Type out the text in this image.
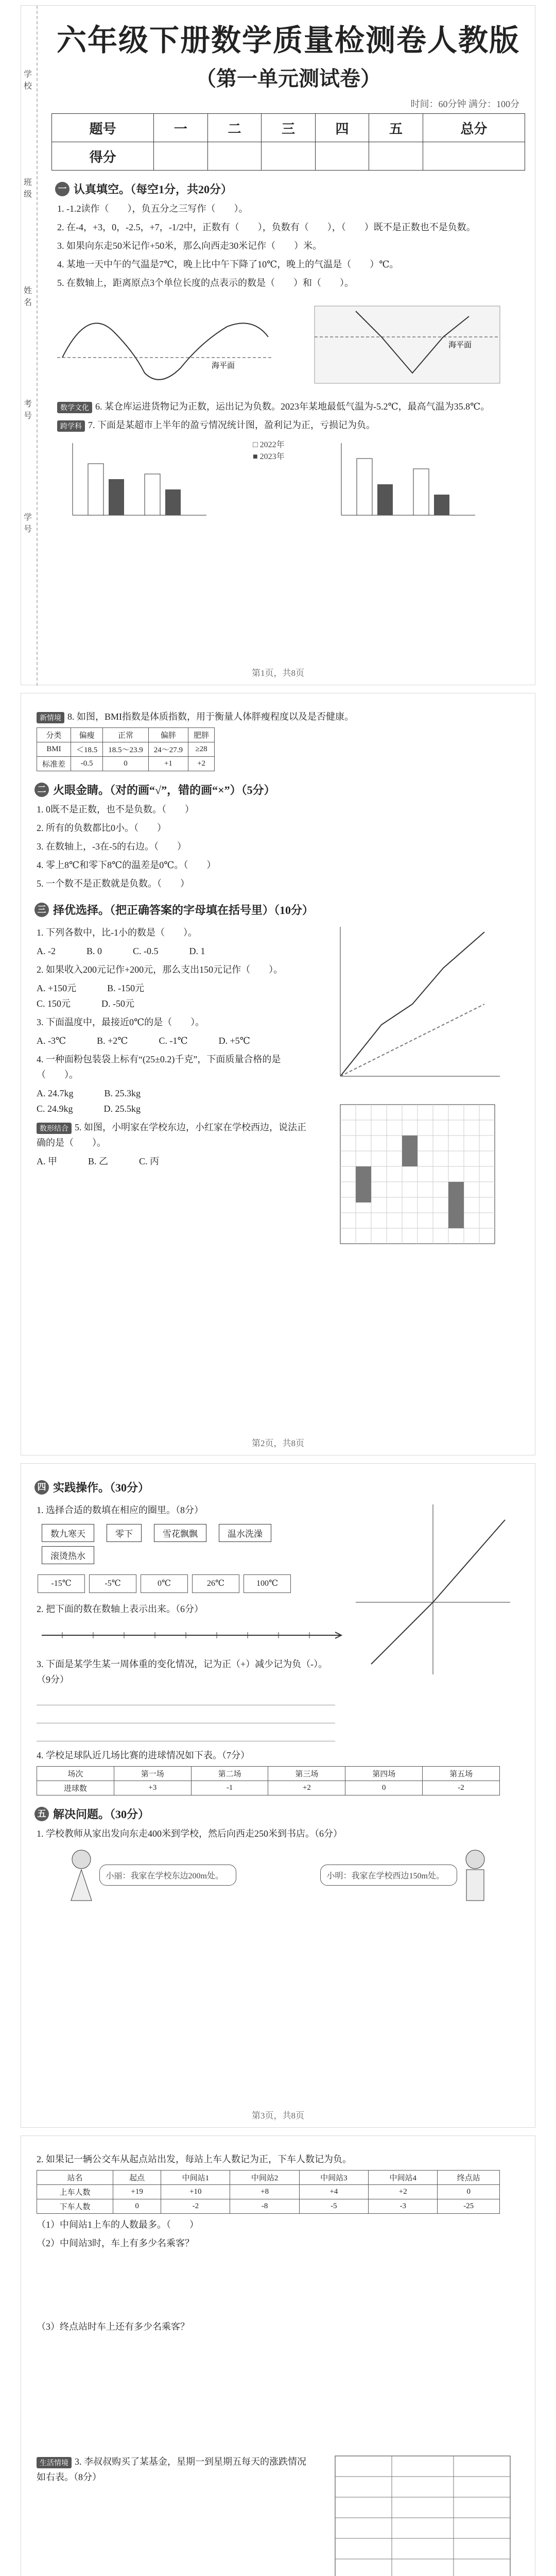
学校
班级
姓名
考号
学号
六年级下册数学质量检测卷人教版
（第一单元测试卷）
时间：60分钟 满分：100分
题号	一	二	三	四	五	总分
得分						
一 认真填空。（每空1分，共20分）
1. -1.2读作（　　），负五分之三写作（　　）。
2. 在-4，+3，0，-2.5，+7，-1/2中，正数有（　　），负数有（　　），（　　）既不是正数也不是负数。
3. 如果向东走50米记作+50米，那么向西走30米记作（　　）米。
4. 某地一天中午的气温是7℃，晚上比中午下降了10℃，晚上的气温是（　　）℃。
5. 在数轴上，距离原点3个单位长度的点表示的数是（　　）和（　　）。
海平面
海平面
数学文化 6. 某仓库运进货物记为正数，运出记为负数。2023年某地最低气温为-5.2℃，最高气温为35.8℃。
跨学科 7. 下面是某超市上半年的盈亏情况统计图，盈利记为正，亏损记为负。
□ 2022年
■ 2023年
第1页，共8页
新情境 8. 如图，BMI指数是体质指数，用于衡量人体胖瘦程度以及是否健康。
分类	偏瘦	正常	偏胖	肥胖
BMI	＜18.5	18.5～23.9	24～27.9	≥28
标准差	-0.5	0	+1	+2
二 火眼金睛。（对的画“√”，错的画“×”）（5分）
1. 0既不是正数，也不是负数。（　　）
2. 所有的负数都比0小。（　　）
3. 在数轴上，-3在-5的右边。（　　）
4. 零上8℃和零下8℃的温差是0℃。（　　）
5. 一个数不是正数就是负数。（　　）
三 择优选择。（把正确答案的字母填在括号里）（10分）
1. 下列各数中，比-1小的数是（　　）。
A. -2	B. 0	C. -0.5	D. 1
2. 如果收入200元记作+200元，那么支出150元记作（　　）。
A. +150元	B. -150元
C. 150元	D. -50元
3. 下面温度中，最接近0℃的是（　　）。
A. -3℃	B. +2℃	C. -1℃	D. +5℃
4. 一种面粉包装袋上标有“(25±0.2)千克”，下面质量合格的是（　　）。
A. 24.7kg	B. 25.3kg
C. 24.9kg	D. 25.5kg
数形结合 5. 如图，小明家在学校东边，小红家在学校西边，说法正确的是（　　）。
A. 甲	B. 乙	C. 丙

第2页，共8页
四 实践操作。（30分）
1. 选择合适的数填在相应的圈里。（8分）
数九寒天	零下	雪花飘飘	温水洗澡 滚烫热水
-15℃	-5℃	0℃	26℃	100℃
2. 把下面的数在数轴上表示出来。（6分）
3. 下面是某学生某一周体重的变化情况，记为正（+）减少记为负（-）。（9分）
4. 学校足球队近几场比赛的进球情况如下表。（7分）
场次	第一场	第二场	第三场	第四场	第五场
进球数	+3	-1	+2	0	-2
五 解决问题。（30分）
1. 学校教师从家出发向东走400米到学校，然后向西走250米到书店。（6分）
小丽：我家在学校东边200m处。	小明：我家在学校西边150m处。
第3页，共8页
2. 如果记一辆公交车从起点站出发，每站上车人数记为正，下车人数记为负。
站名	起点	中间站1	中间站2	中间站3	中间站4	终点站
上车人数	+19	+10	+8	+4	+2	0
下车人数	0	-2	-8	-5	-3	-25
（1）中间站1上车的人数最多。（　　）
（2）中间站3时，车上有多少名乘客？
（3）终点站时车上还有多少名乘客？
生活情境 3. 李叔叔购买了某基金，星期一到星期五每天的涨跌情况如右表。（8分）
